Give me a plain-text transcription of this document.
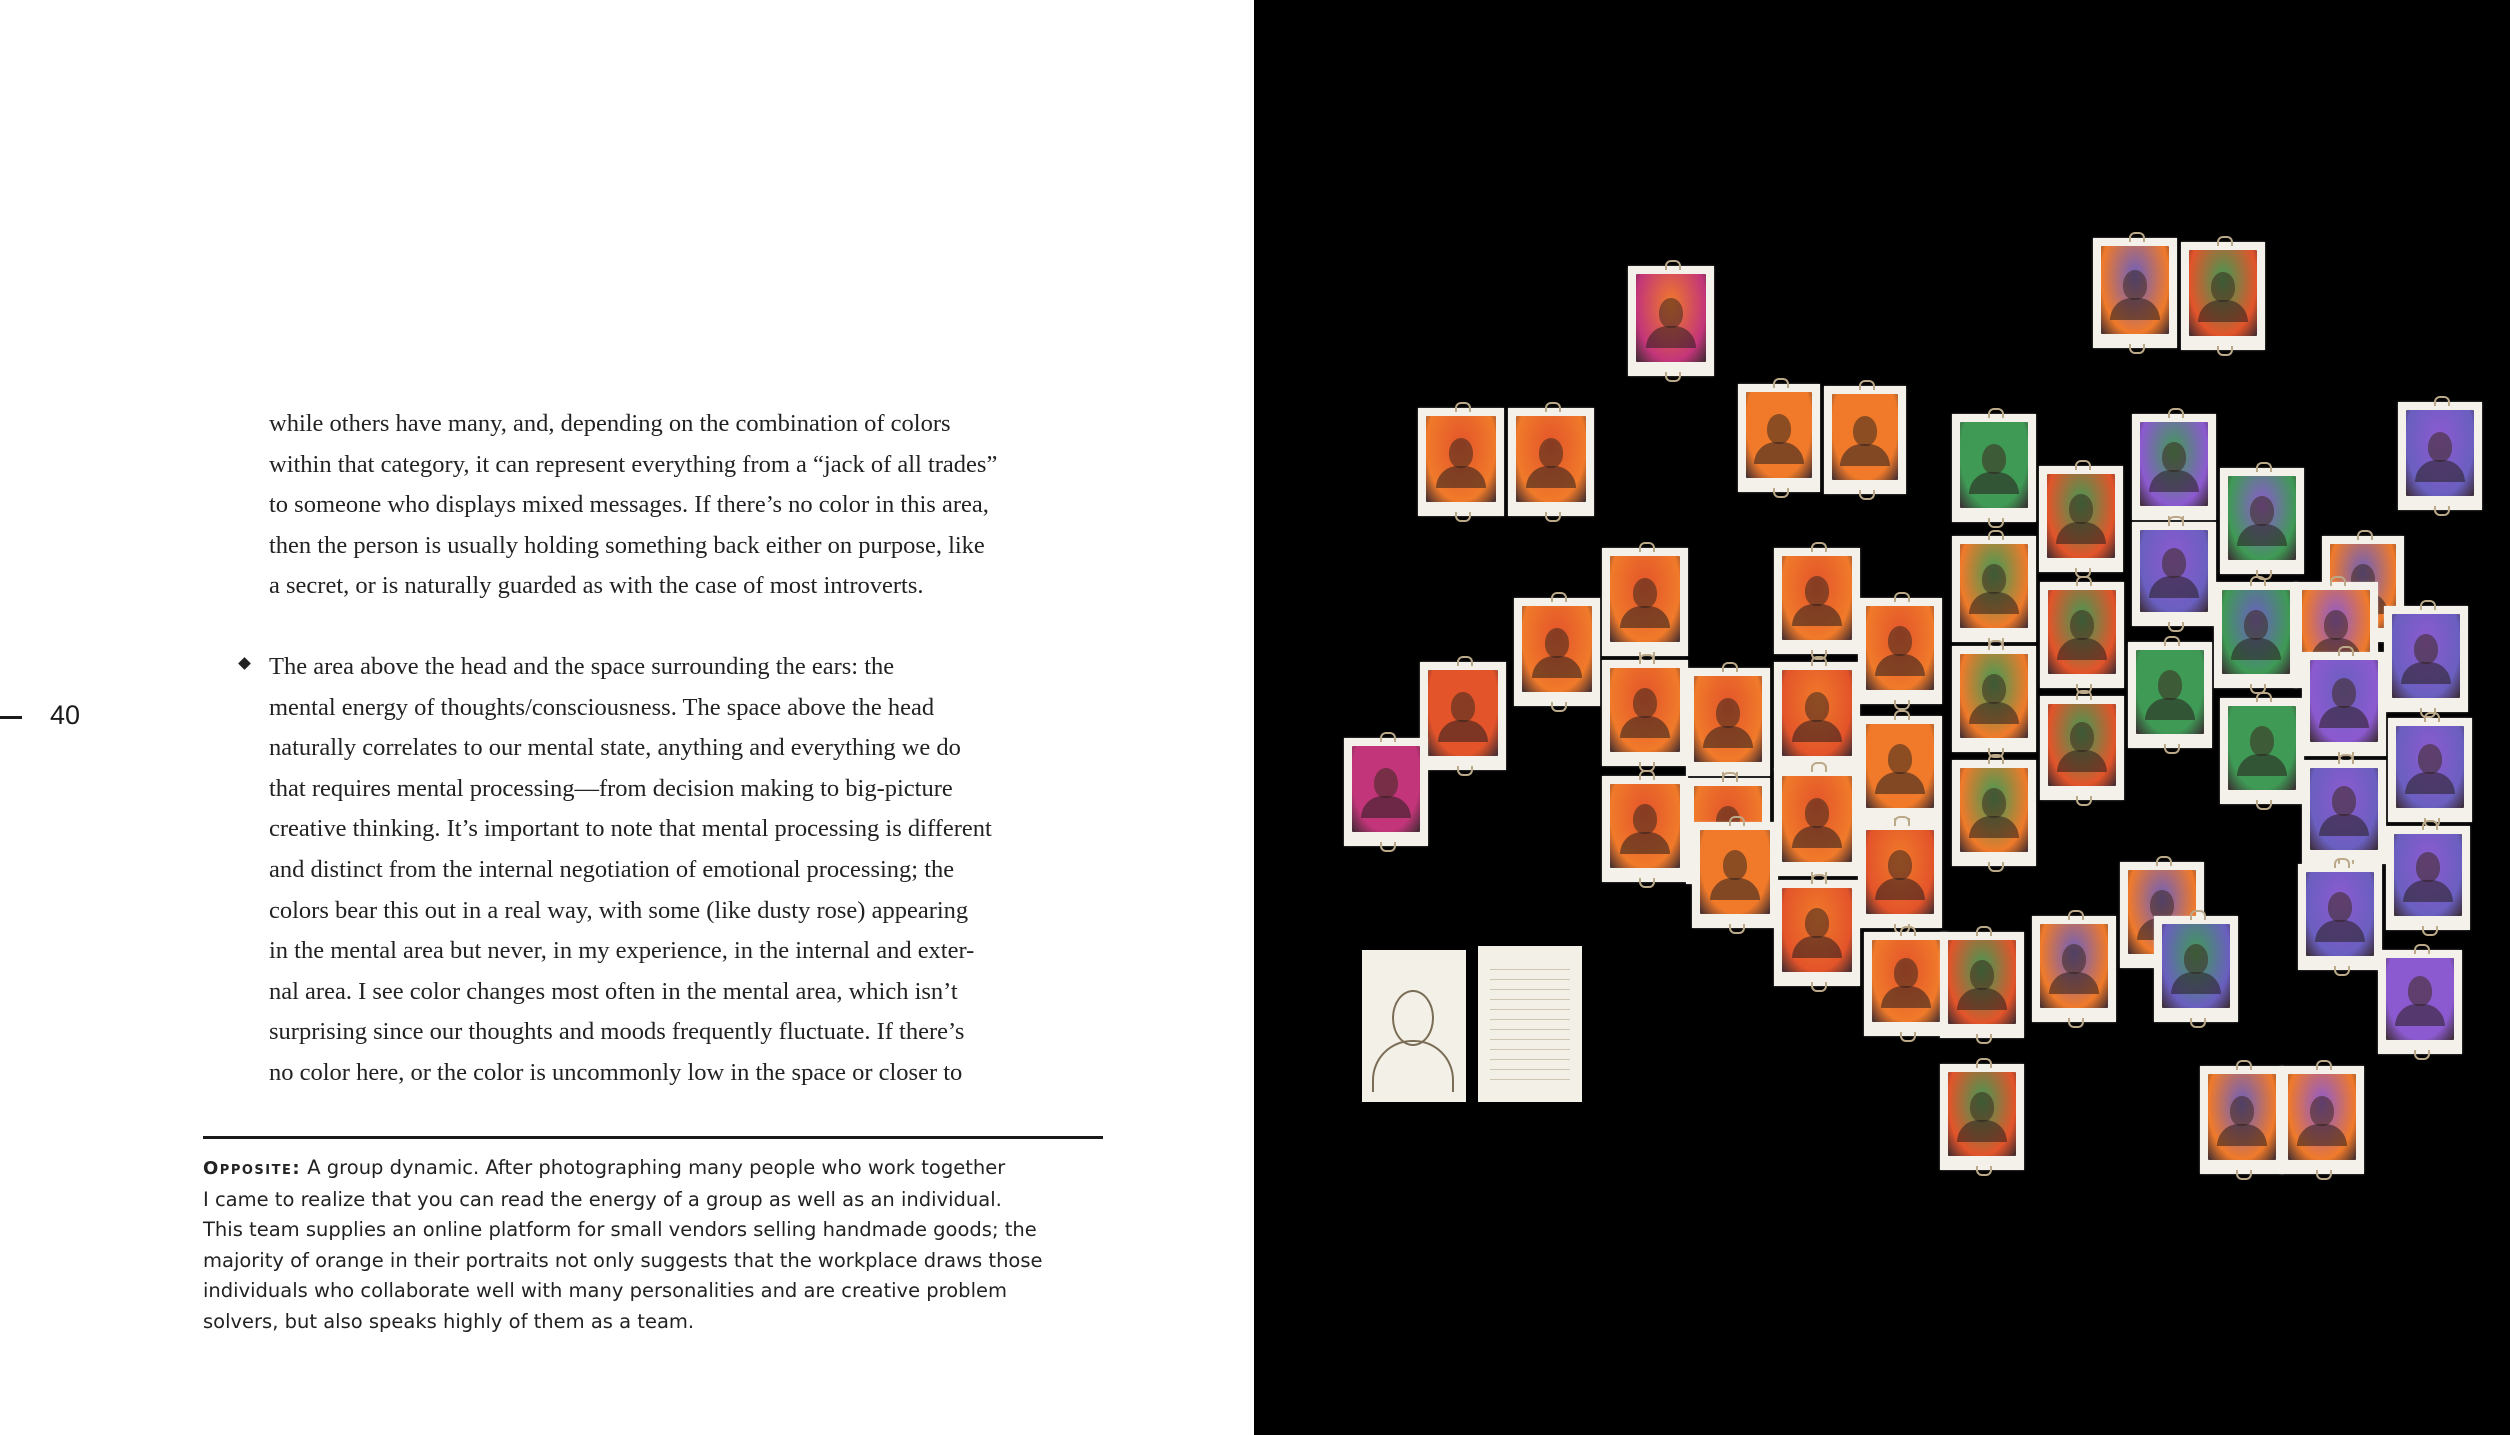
40
while others have many, and, depending on the combination of colors
within that category, it can represent everything from a “jack of all trades”
to someone who displays mixed messages. If there’s no color in this area,
then the person is usually holding something back either on purpose, like
a secret, or is naturally guarded as with the case of most introverts.
The area above the head and the space surrounding the ears: the
mental energy of thoughts/consciousness. The space above the head
naturally correlates to our mental state, anything and everything we do
that requires mental processing—from decision making to big-picture
creative thinking. It’s important to note that mental processing is different
and distinct from the internal negotiation of emotional processing; the
colors bear this out in a real way, with some (like dusty rose) appearing
in the mental area but never, in my experience, in the internal and exter-
nal area. I see color changes most often in the mental area, which isn’t
surprising since our thoughts and moods frequently fluctuate. If there’s
no color here, or the color is uncommonly low in the space or closer to
Opposite: A group dynamic. After photographing many people who work together
I came to realize that you can read the energy of a group as well as an individual.
This team supplies an online platform for small vendors selling handmade goods; the
majority of orange in their portraits not only suggests that the workplace draws those
individuals who collaborate well with many personalities and are creative problem
solvers, but also speaks highly of them as a team.
